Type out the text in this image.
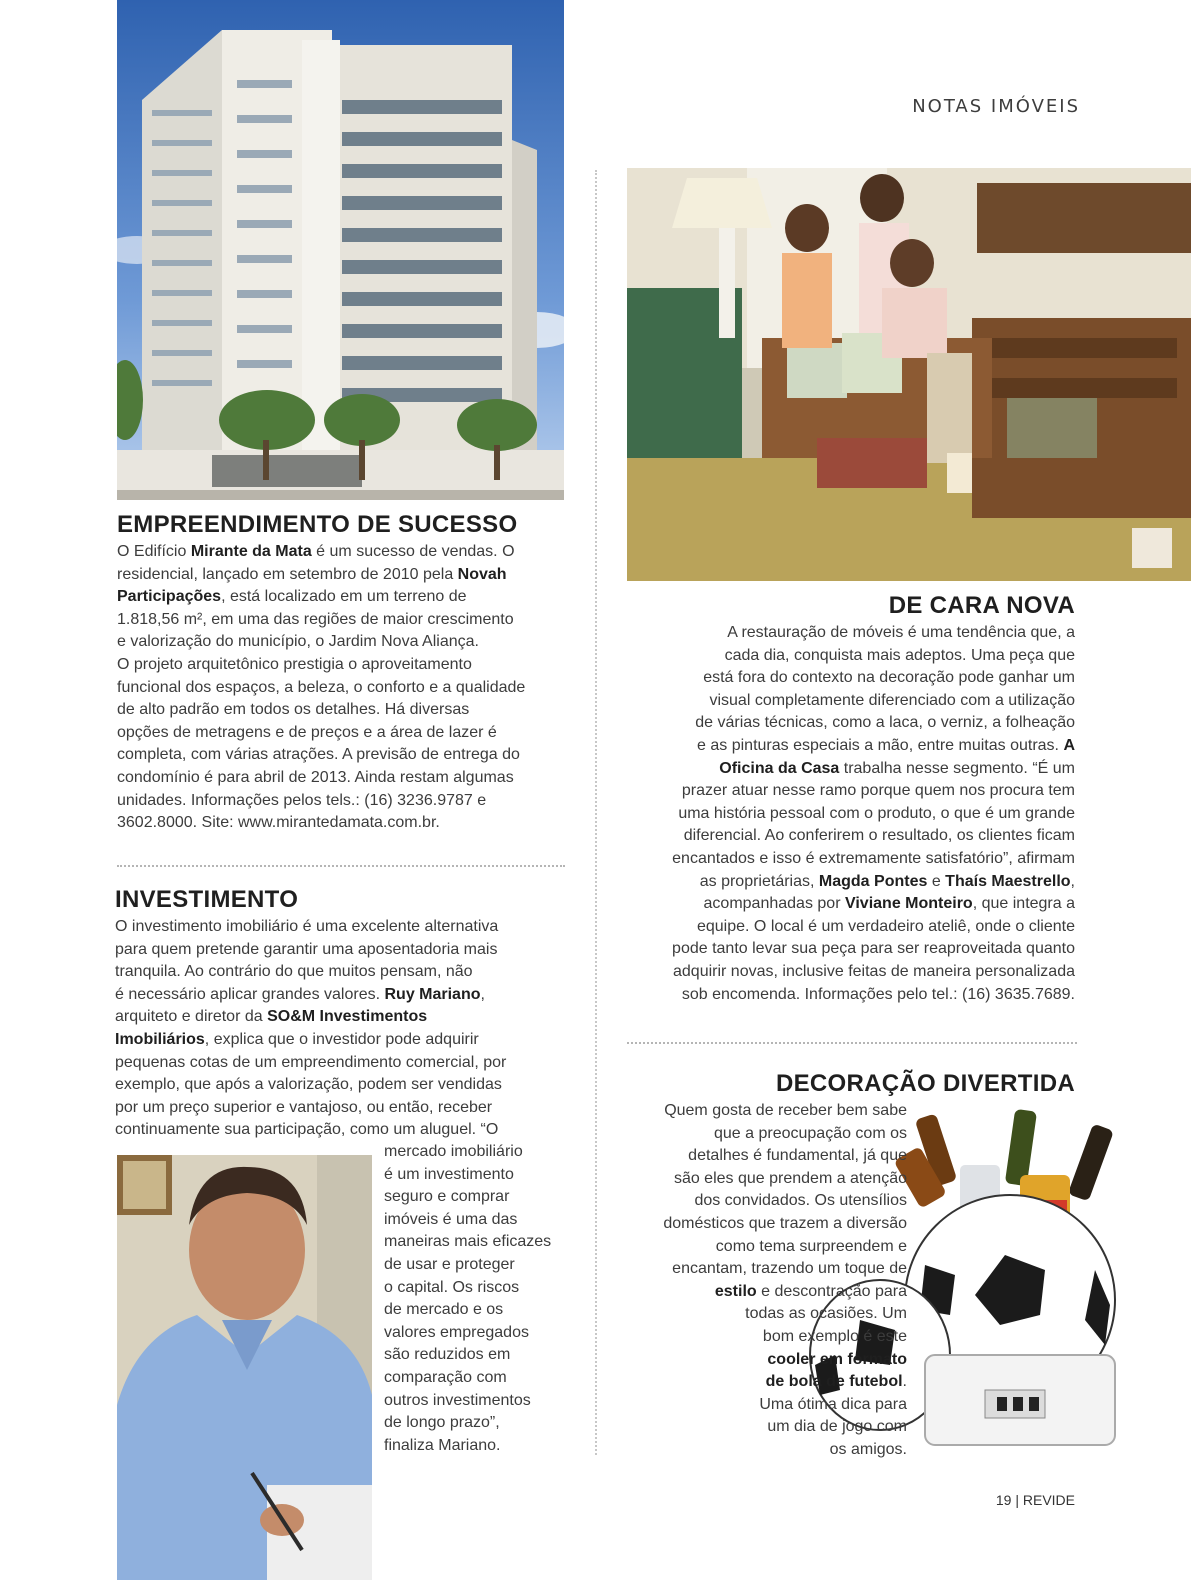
NOTAS IMÓVEIS
EMPREENDIMENTO DE SUCESSO
O Edifício Mirante da Mata é um sucesso de vendas. O
residencial, lançado em setembro de 2010 pela Novah
Participações, está localizado em um terreno de
1.818,56 m², em uma das regiões de maior crescimento
e valorização do município, o Jardim Nova Aliança.
O projeto arquitetônico prestigia o aproveitamento
funcional dos espaços, a beleza, o conforto e a qualidade
de alto padrão em todos os detalhes. Há diversas
opções de metragens e de preços e a área de lazer é
completa, com várias atrações. A previsão de entrega do
condomínio é para abril de 2013. Ainda restam algumas
unidades. Informações pelos tels.: (16) 3236.9787 e
3602.8000. Site: www.mirantedamata.com.br.
INVESTIMENTO
O investimento imobiliário é uma excelente alternativa
para quem pretende garantir uma aposentadoria mais
tranquila. Ao contrário do que muitos pensam, não
é necessário aplicar grandes valores. Ruy Mariano,
arquiteto e diretor da SO&M Investimentos
Imobiliários, explica que o investidor pode adquirir
pequenas cotas de um empreendimento comercial, por
exemplo, que após a valorização, podem ser vendidas
por um preço superior e vantajoso, ou então, receber
continuamente sua participação, como um aluguel. “O
mercado imobiliário
é um investimento
seguro e comprar
imóveis é uma das
maneiras mais eficazes
de usar e proteger
o capital. Os riscos
de mercado e os
valores empregados
são reduzidos em
comparação com
outros investimentos
de longo prazo”,
finaliza Mariano.
DE CARA NOVA
A restauração de móveis é uma tendência que, a
cada dia, conquista mais adeptos. Uma peça que
está fora do contexto na decoração pode ganhar um
visual completamente diferenciado com a utilização
de várias técnicas, como a laca, o verniz, a folheação
e as pinturas especiais a mão, entre muitas outras. A
Oficina da Casa trabalha nesse segmento. “É um
prazer atuar nesse ramo porque quem nos procura tem
uma história pessoal com o produto, o que é um grande
diferencial. Ao conferirem o resultado, os clientes ficam
encantados e isso é extremamente satisfatório”, afirmam
as proprietárias, Magda Pontes e Thaís Maestrello,
acompanhadas por Viviane Monteiro, que integra a
equipe. O local é um verdadeiro ateliê, onde o cliente
pode tanto levar sua peça para ser reaproveitada quanto
adquirir novas, inclusive feitas de maneira personalizada
sob encomenda. Informações pelo tel.: (16) 3635.7689.
DECORAÇÃO DIVERTIDA
Quem gosta de receber bem sabe
que a preocupação com os
detalhes é fundamental, já que
são eles que prendem a atenção
dos convidados. Os utensílios
domésticos que trazem a diversão
como tema surpreendem e
encantam, trazendo um toque de
estilo e descontração para
todas as ocasiões. Um
bom exemplo é este
cooler em formato
de bola de futebol.
Uma ótima dica para
um dia de jogo com
os amigos.
19 | REVIDE
